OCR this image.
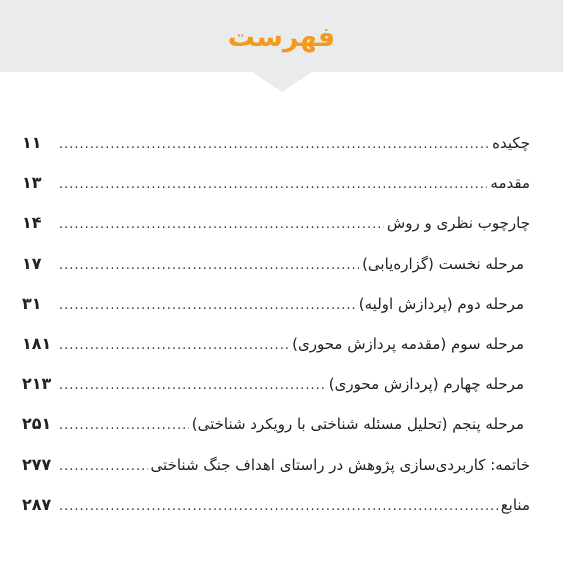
فهرست
چکیده
.....
۱۱
مقدمه
.....
۱۳
چارچوب نظری و روش
.....
۱۴
مرحله نخست (گزاره‌یابی)
.....
۱۷
مرحله دوم (پردازش اولیه)
.....
۳۱
مرحله سوم (مقدمه پردازش محوری)
.....
۱۸۱
مرحله چهارم (پردازش محوری)
.....
۲۱۳
مرحله پنجم (تحلیل مسئله شناختی با رویکرد شناختی)
.....
۲۵۱
خاتمه: کاربردی‌سازی پژوهش در راستای اهداف جنگ شناختی
.....
۲۷۷
منابع
.....
۲۸۷
